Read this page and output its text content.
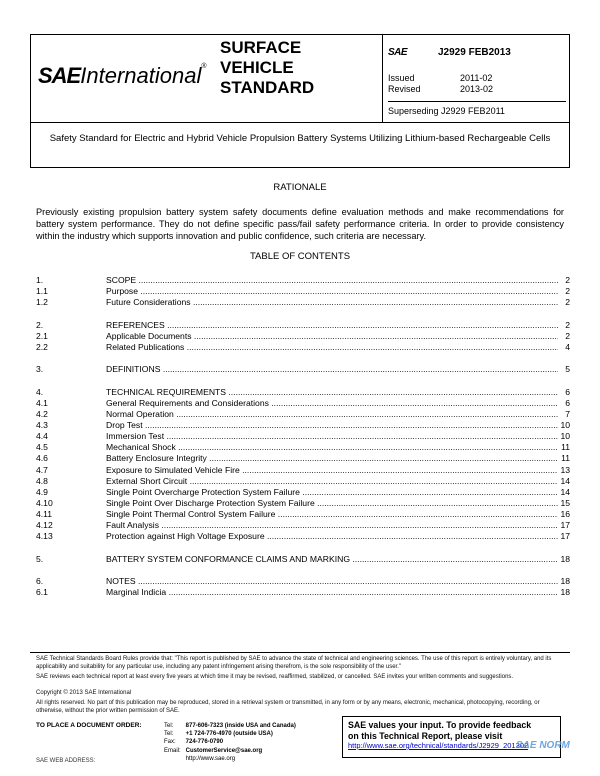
SAEInternational®
SURFACE
VEHICLE
STANDARD
SAE	J2929 FEB2013
Issued	2011-02
Revised	2013-02
Superseding J2929 FEB2011
Safety Standard for Electric and Hybrid Vehicle Propulsion Battery Systems Utilizing Lithium-based Rechargeable Cells
RATIONALE
Previously existing propulsion battery system safety documents define evaluation methods and make recommendations for battery system performance. They do not define specific pass/fail safety performance criteria. In order to provide consistency within the industry which supports innovation and public confidence, such criteria are necessary.
TABLE OF CONTENTS
1.	SCOPE .....	2
1.1	Purpose .....	2
1.2	Future Considerations .....	2
2.	REFERENCES .....	2
2.1	Applicable Documents .....	2
2.2	Related Publications .....	4
3.	DEFINITIONS .....	5
4.	TECHNICAL REQUIREMENTS .....	6
4.1	General Requirements and Considerations .....	6
4.2	Normal Operation .....	7
4.3	Drop Test .....	10
4.4	Immersion Test .....	10
4.5	Mechanical Shock .....	11
4.6	Battery Enclosure Integrity .....	11
4.7	Exposure to Simulated Vehicle Fire .....	13
4.8	External Short Circuit .....	14
4.9	Single Point Overcharge Protection System Failure .....	14
4.10	Single Point Over Discharge Protection System Failure .....	15
4.11	Single Point Thermal Control System Failure .....	16
4.12	Fault Analysis .....	17
4.13	Protection against High Voltage Exposure .....	17
5.	BATTERY SYSTEM CONFORMANCE CLAIMS AND MARKING .....	18
6.	NOTES .....	18
6.1	Marginal Indicia .....	18
SAE Technical Standards Board Rules provide that: "This report is published by SAE to advance the state of technical and engineering sciences. The use of this report is entirely voluntary, and its applicability and suitability for any particular use, including any patent infringement arising therefrom, is the sole responsibility of the user."
SAE reviews each technical report at least every five years at which time it may be revised, reaffirmed, stabilized, or cancelled. SAE invites your written comments and suggestions.
Copyright © 2013 SAE International
All rights reserved. No part of this publication may be reproduced, stored in a retrieval system or transmitted, in any form or by any means, electronic, mechanical, photocopying, recording, or otherwise, without the prior written permission of SAE.
TO PLACE A DOCUMENT ORDER:	Tel: 877-606-7323 (inside USA and Canada)
Tel: +1 724-776-4970 (outside USA)
Fax: 724-776-0790
Email: CustomerService@sae.org
http://www.sae.org
SAE WEB ADDRESS:
SAE values your input. To provide feedback
on this Technical Report, please visit
http://www.sae.org/technical/standards/J2929_201302
SAE NORM
